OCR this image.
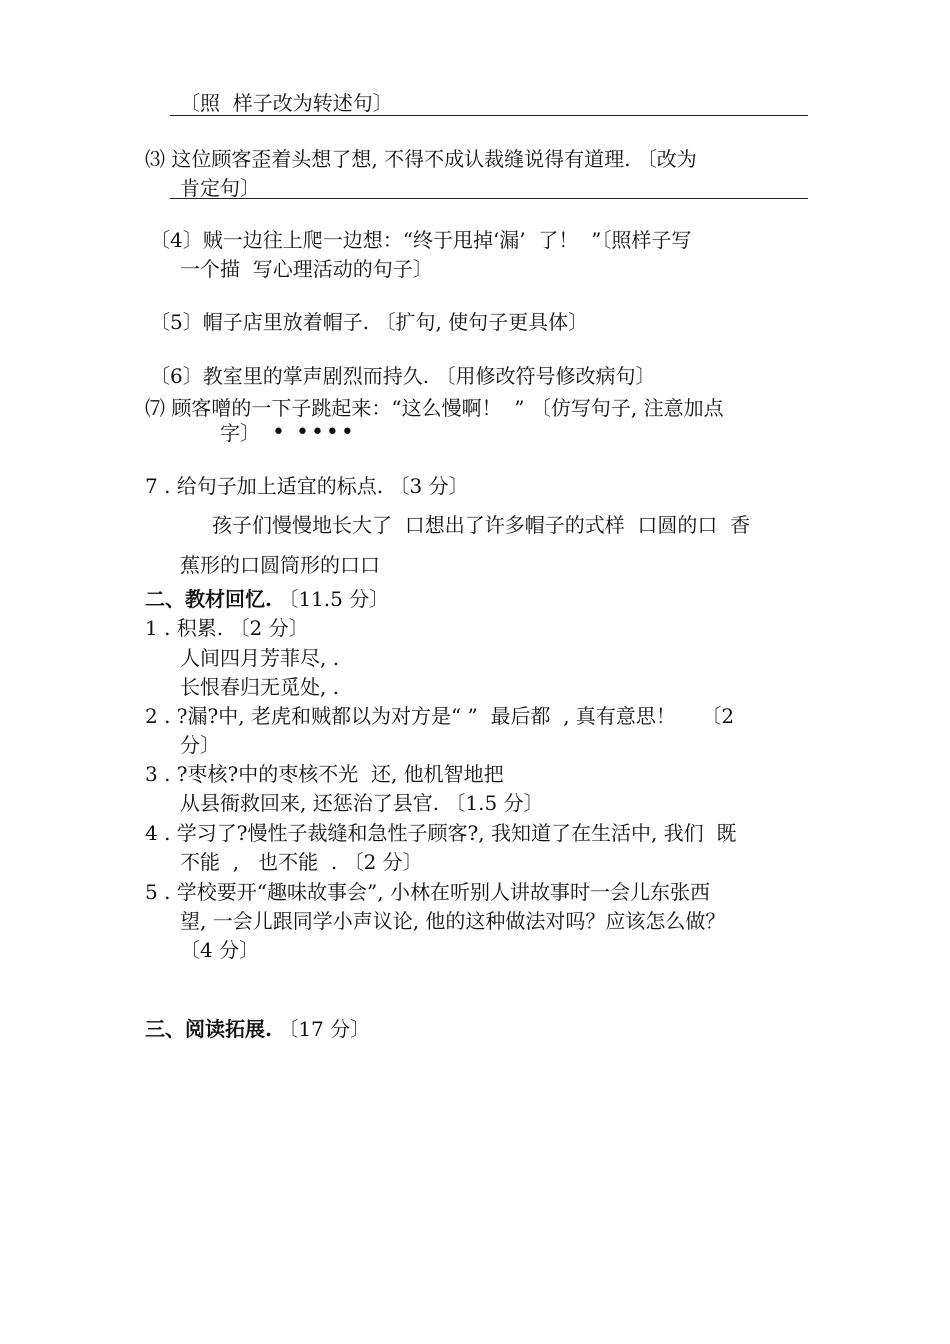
〔照  样子改为转述句〕
⑶ 这位顾客歪着头想了想, 不得不成认裁缝说得有道理. 〔改为
肯定句〕
〔4〕贼一边往上爬一边想：“终于甩掉‘漏’  了！  ”〔照样子写
一个描  写心理活动的句子〕
〔5〕帽子店里放着帽子. 〔扩句, 使句子更具体〕
〔6〕教室里的掌声剧烈而持久. 〔用修改符号修改病句〕
⑺ 顾客噌的一下子跳起来：“这么慢啊！  ” 〔仿写句子, 注意加点
字〕 • ••••
7 . 给句子加上适宜的标点. 〔3 分〕
孩子们慢慢地长大了  口想出了许多帽子的式样  口圆的口  香
蕉形的口圆筒形的口口
二、教材回忆. 〔11.5 分〕
1 . 积累. 〔2 分〕
人间四月芳菲尽, .
长恨春归无觅处, .
2 . ?漏?中, 老虎和贼都以为对方是“ ”  最后都  , 真有意思！    〔2
分〕
3 . ?枣核?中的枣核不光  还, 他机智地把
从县衙救回来, 还惩治了县官. 〔1.5 分〕
4 . 学习了?慢性子裁缝和急性子顾客?, 我知道了在生活中, 我们  既
不能  ,   也不能  . 〔2 分〕
5 . 学校要开“趣味故事会”, 小林在听别人讲故事时一会儿东张西
望, 一会儿跟同学小声议论, 他的这种做法对吗？应该怎么做？
〔4 分〕
三、阅读拓展. 〔17 分〕
